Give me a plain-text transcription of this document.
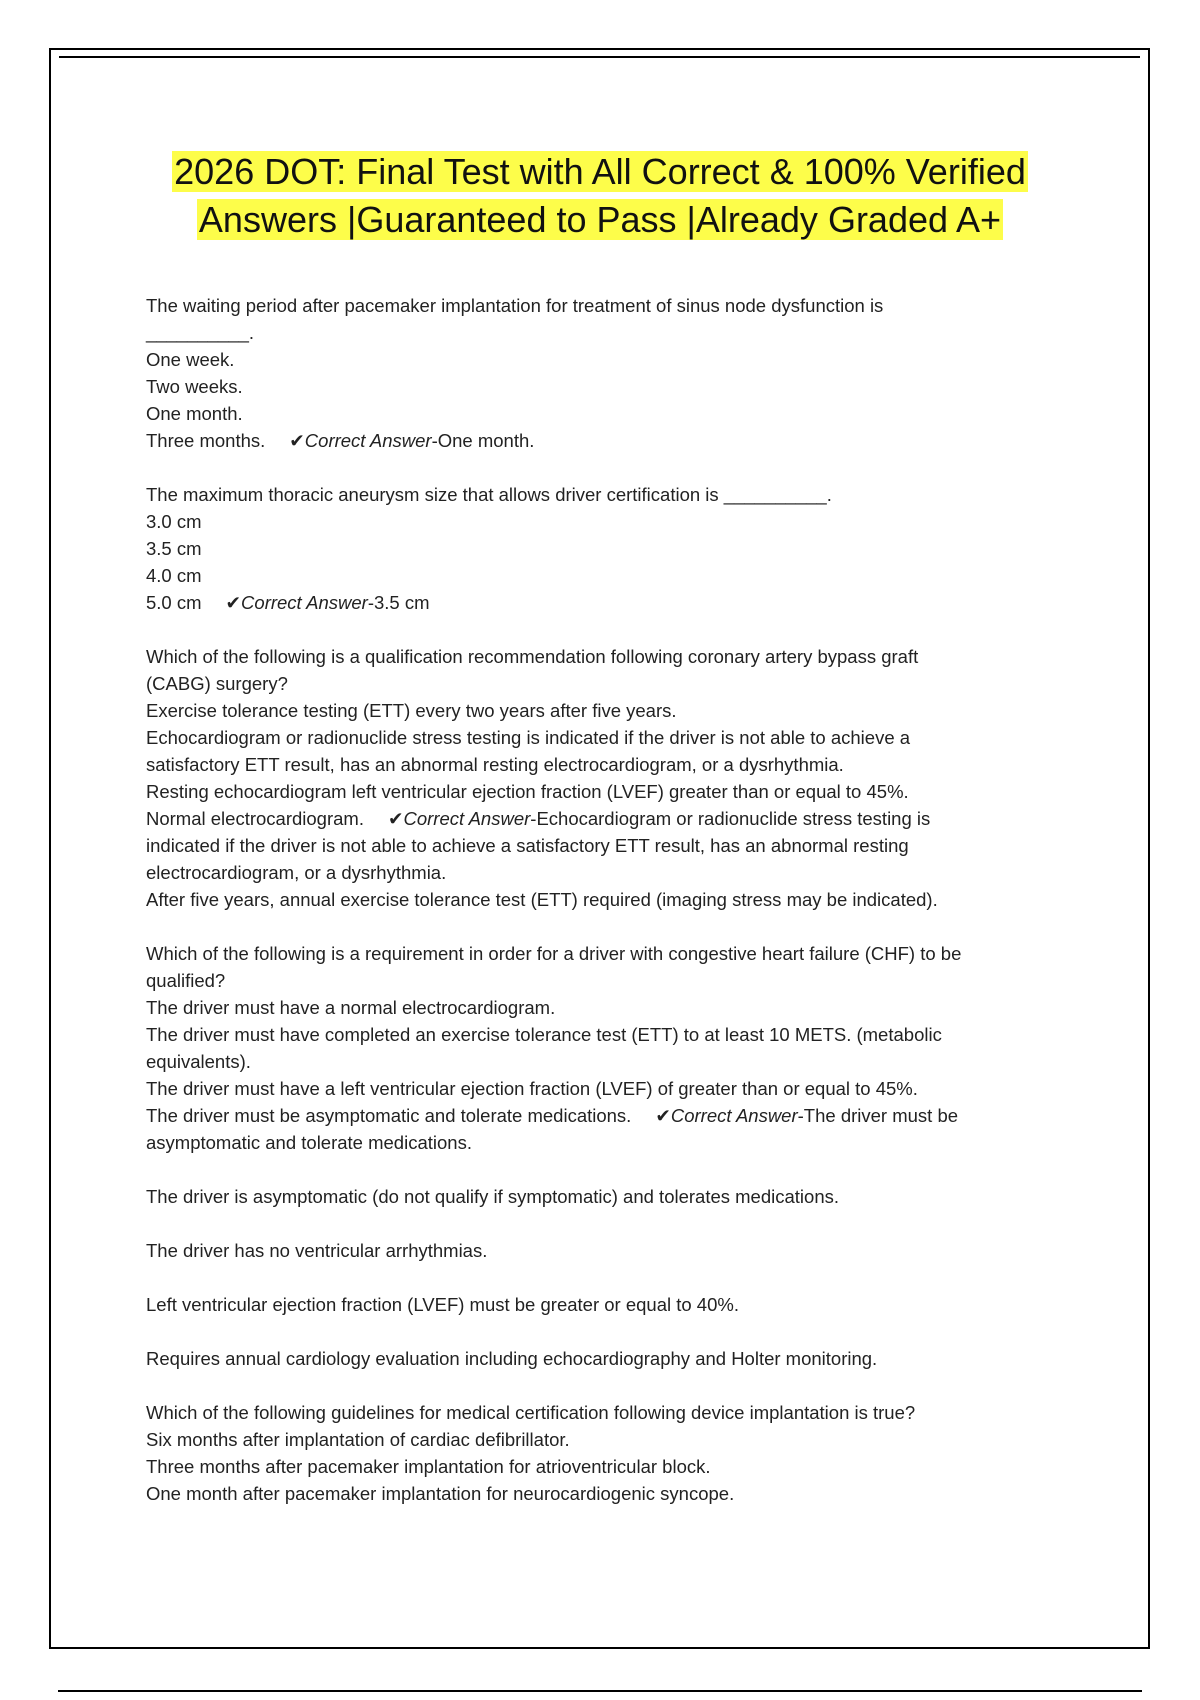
2026 DOT: Final Test with All Correct & 100% Verified
Answers |Guaranteed to Pass |Already Graded A+
The waiting period after pacemaker implantation for treatment of sinus node dysfunction is
__________.
One week.
Two weeks.
One month.
Three months. ✔Correct Answer-One month.
The maximum thoracic aneurysm size that allows driver certification is __________.
3.0 cm
3.5 cm
4.0 cm
5.0 cm ✔Correct Answer-3.5 cm
Which of the following is a qualification recommendation following coronary artery bypass graft
(CABG) surgery?
Exercise tolerance testing (ETT) every two years after five years.
Echocardiogram or radionuclide stress testing is indicated if the driver is not able to achieve a
satisfactory ETT result, has an abnormal resting electrocardiogram, or a dysrhythmia.
Resting echocardiogram left ventricular ejection fraction (LVEF) greater than or equal to 45%.
Normal electrocardiogram. ✔Correct Answer-Echocardiogram or radionuclide stress testing is
indicated if the driver is not able to achieve a satisfactory ETT result, has an abnormal resting
electrocardiogram, or a dysrhythmia.
After five years, annual exercise tolerance test (ETT) required (imaging stress may be indicated).
Which of the following is a requirement in order for a driver with congestive heart failure (CHF) to be
qualified?
The driver must have a normal electrocardiogram.
The driver must have completed an exercise tolerance test (ETT) to at least 10 METS. (metabolic
equivalents).
The driver must have a left ventricular ejection fraction (LVEF) of greater than or equal to 45%.
The driver must be asymptomatic and tolerate medications. ✔Correct Answer-The driver must be
asymptomatic and tolerate medications.
The driver is asymptomatic (do not qualify if symptomatic) and tolerates medications.
The driver has no ventricular arrhythmias.
Left ventricular ejection fraction (LVEF) must be greater or equal to 40%.
Requires annual cardiology evaluation including echocardiography and Holter monitoring.
Which of the following guidelines for medical certification following device implantation is true?
Six months after implantation of cardiac defibrillator.
Three months after pacemaker implantation for atrioventricular block.
One month after pacemaker implantation for neurocardiogenic syncope.
